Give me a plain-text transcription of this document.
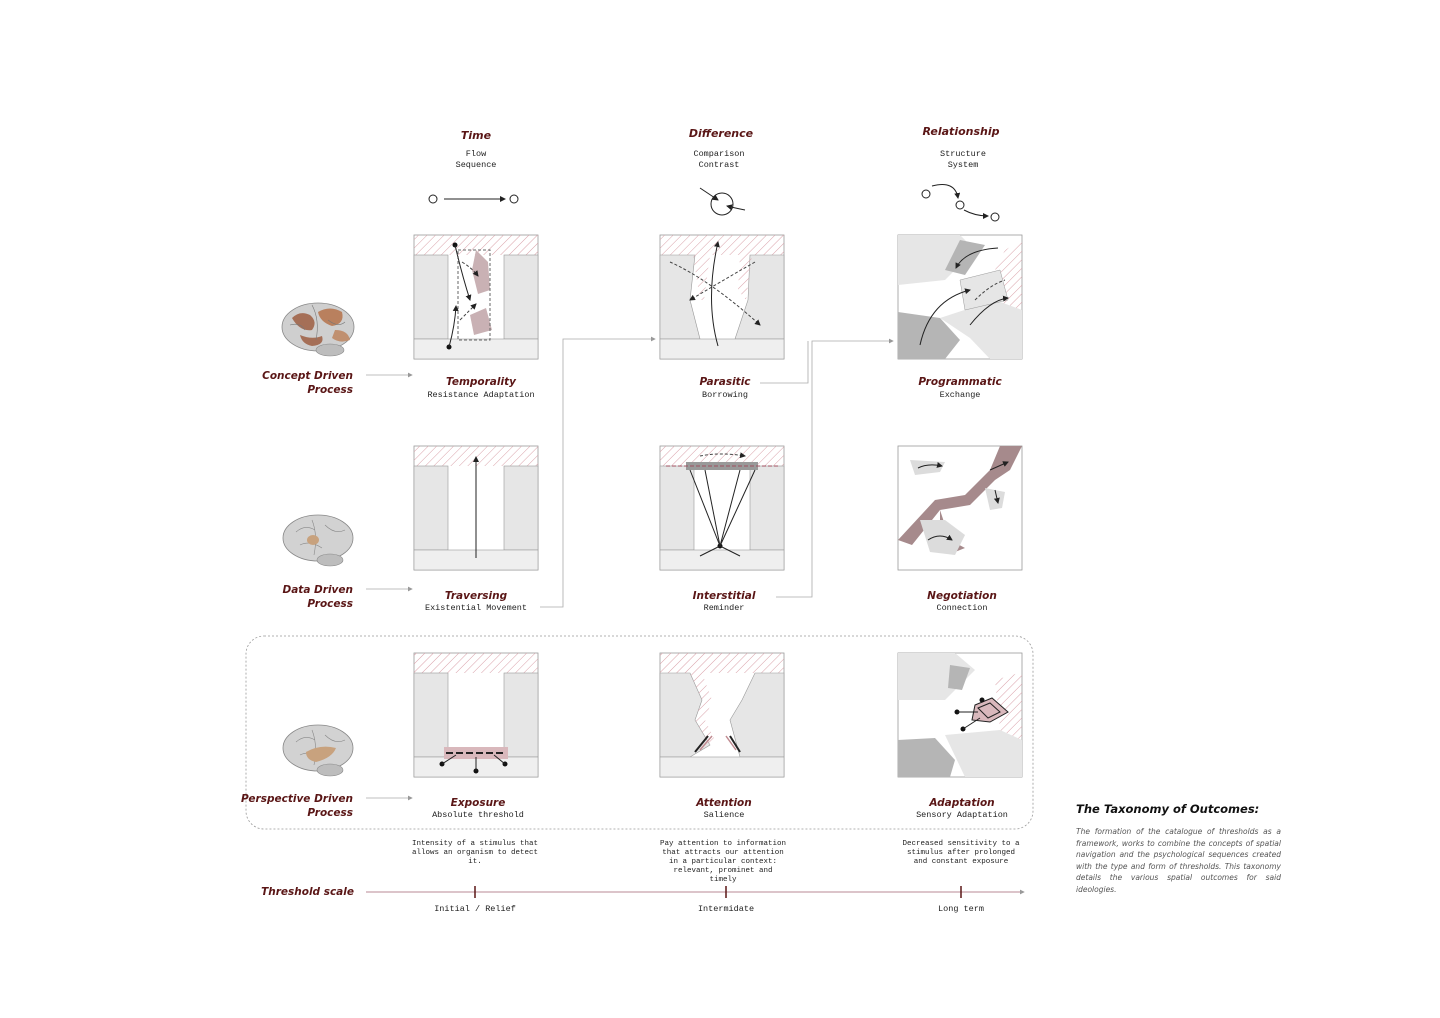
Time
Flow
Sequence
Difference
Comparison
Contrast
Relationship
Structure
System
Concept Driven
Process
Data Driven
Process
Perspective Driven
Process
Temporality
Resistance Adaptation
Parasitic
Borrowing
Programmatic
Exchange
Traversing
Existential Movement
Interstitial
Reminder
Negotiation
Connection
Exposure
Absolute threshold
Attention
Salience
Adaptation
Sensory Adaptation
Intensity of a stimulus that
allows an organism to detect
it.
Pay attention to information
that attracts our attention
in a particular context:
relevant, prominet and timely
Decreased sensitivity to a
stimulus after prolonged
and constant exposure
Threshold scale
Initial / Relief	Intermidate	Long term
The Taxonomy of Outcomes:
The formation of the catalogue of thresholds as a framework, works to combine the concepts of spatial navigation and the psychological sequences created with the type and form of thresholds. This taxonomy details the various spatial outcomes for said ideologies.
